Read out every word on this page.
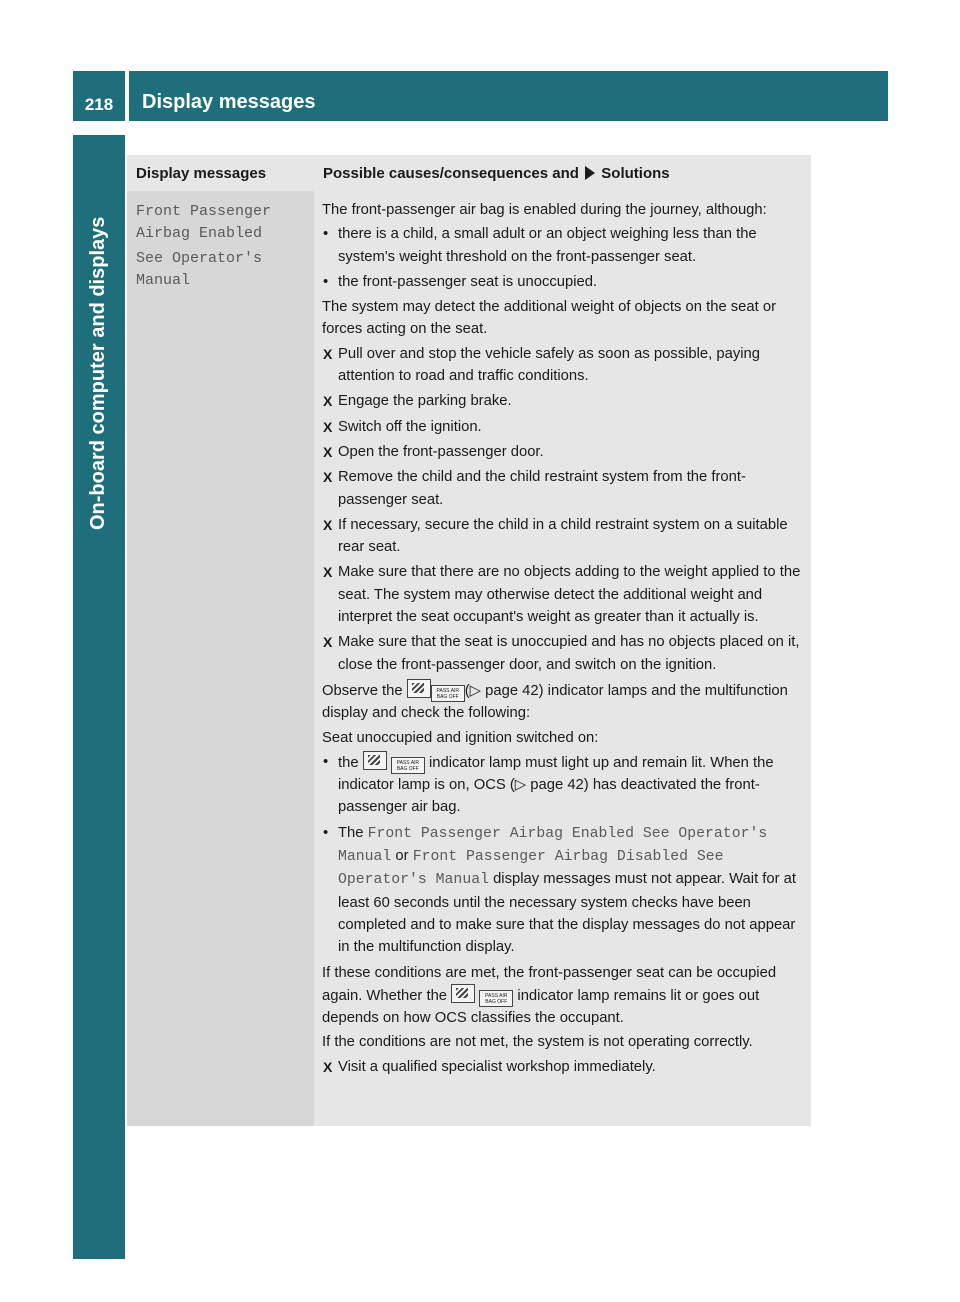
218	Display messages
On-board computer and displays
Display messages	Possible causes/consequences and Solutions

Front Passenger Airbag Enabled

See Operator's Manual

The front-passenger air bag is enabled during the journey, although:

• there is a child, a small adult or an object weighing less than the system's weight threshold on the front-passenger seat.
• the front-passenger seat is unoccupied.

The system may detect the additional weight of objects on the seat or forces acting on the seat.

X Pull over and stop the vehicle safely as soon as possible, paying attention to road and traffic conditions.
X Engage the parking brake.
X Switch off the ignition.
X Open the front-passenger door.
X Remove the child and the child restraint system from the front-passenger seat.
X If necessary, secure the child in a child restraint system on a suitable rear seat.
X Make sure that there are no objects adding to the weight applied to the seat. The system may otherwise detect the additional weight and interpret the seat occupant's weight as greater than it actually is.
X Make sure that the seat is unoccupied and has no objects placed on it, close the front-passenger door, and switch on the ignition.

Observe the	PASS AIR BAG OFF (▷ page 42) indicator lamps and the multifunction display and check the following:

Seat unoccupied and ignition switched on:

• the	PASS AIR BAG OFF indicator lamp must light up and remain lit. When the indicator lamp is on, OCS (▷ page 42) has deactivated the front-passenger air bag.
• The Front Passenger Airbag Enabled See Operator's Manual or Front Passenger Airbag Disabled See Operator's Manual display messages must not appear. Wait for at least 60 seconds until the necessary system checks have been completed and to make sure that the display messages do not appear in the multifunction display.

If these conditions are met, the front-passenger seat can be occupied again. Whether the	PASS AIR BAG OFF indicator lamp remains lit or goes out depends on how OCS classifies the occupant.

If the conditions are not met, the system is not operating correctly.

X Visit a qualified specialist workshop immediately.
